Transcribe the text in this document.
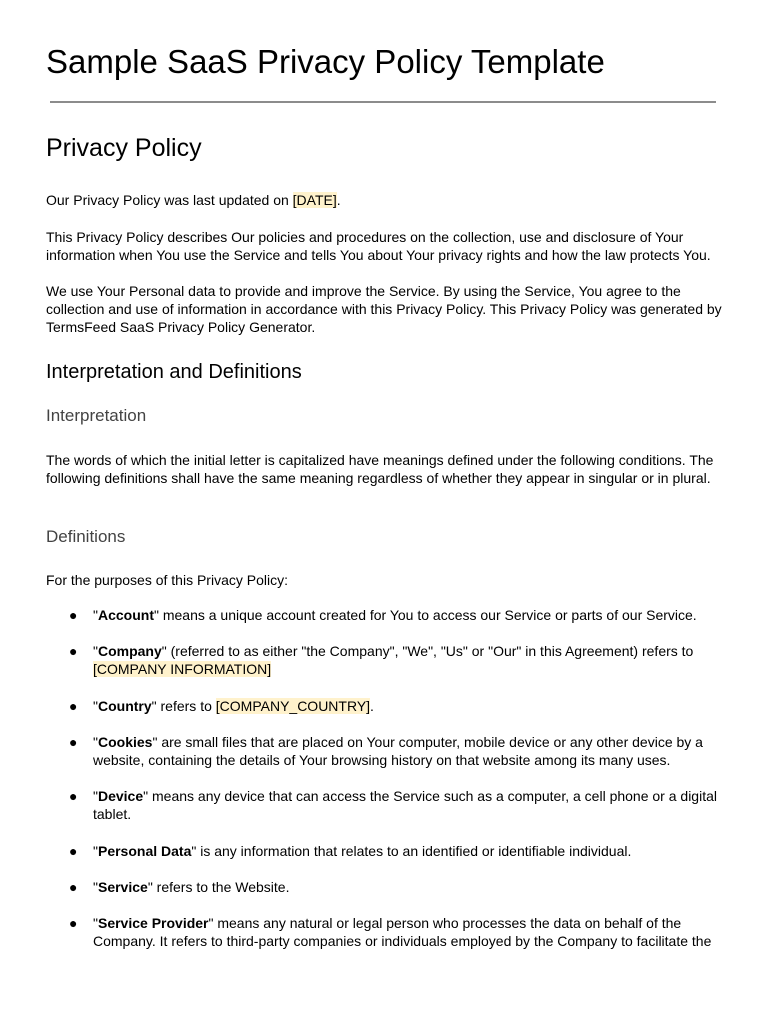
Sample SaaS Privacy Policy Template
Privacy Policy

Our Privacy Policy was last updated on [DATE].

This Privacy Policy describes Our policies and procedures on the collection, use and disclosure of Your information when You use the Service and tells You about Your privacy rights and how the law protects You.

We use Your Personal data to provide and improve the Service. By using the Service, You agree to the collection and use of information in accordance with this Privacy Policy. This Privacy Policy was generated by TermsFeed SaaS Privacy Policy Generator.

Interpretation and Definitions
Interpretation

The words of which the initial letter is capitalized have meanings defined under the following conditions. The following definitions shall have the same meaning regardless of whether they appear in singular or in plural.

Definitions

For the purposes of this Privacy Policy:

● "Account" means a unique account created for You to access our Service or parts of our Service.
● "Company" (referred to as either "the Company", "We", "Us" or "Our" in this Agreement) refers to [COMPANY INFORMATION]
● "Country" refers to [COMPANY_COUNTRY].
● "Cookies" are small files that are placed on Your computer, mobile device or any other device by a website, containing the details of Your browsing history on that website among its many uses.
● "Device" means any device that can access the Service such as a computer, a cell phone or a digital tablet.
● "Personal Data" is any information that relates to an identified or identifiable individual.
● "Service" refers to the Website.
● "Service Provider" means any natural or legal person who processes the data on behalf of the Company. It refers to third-party companies or individuals employed by the Company to facilitate the
